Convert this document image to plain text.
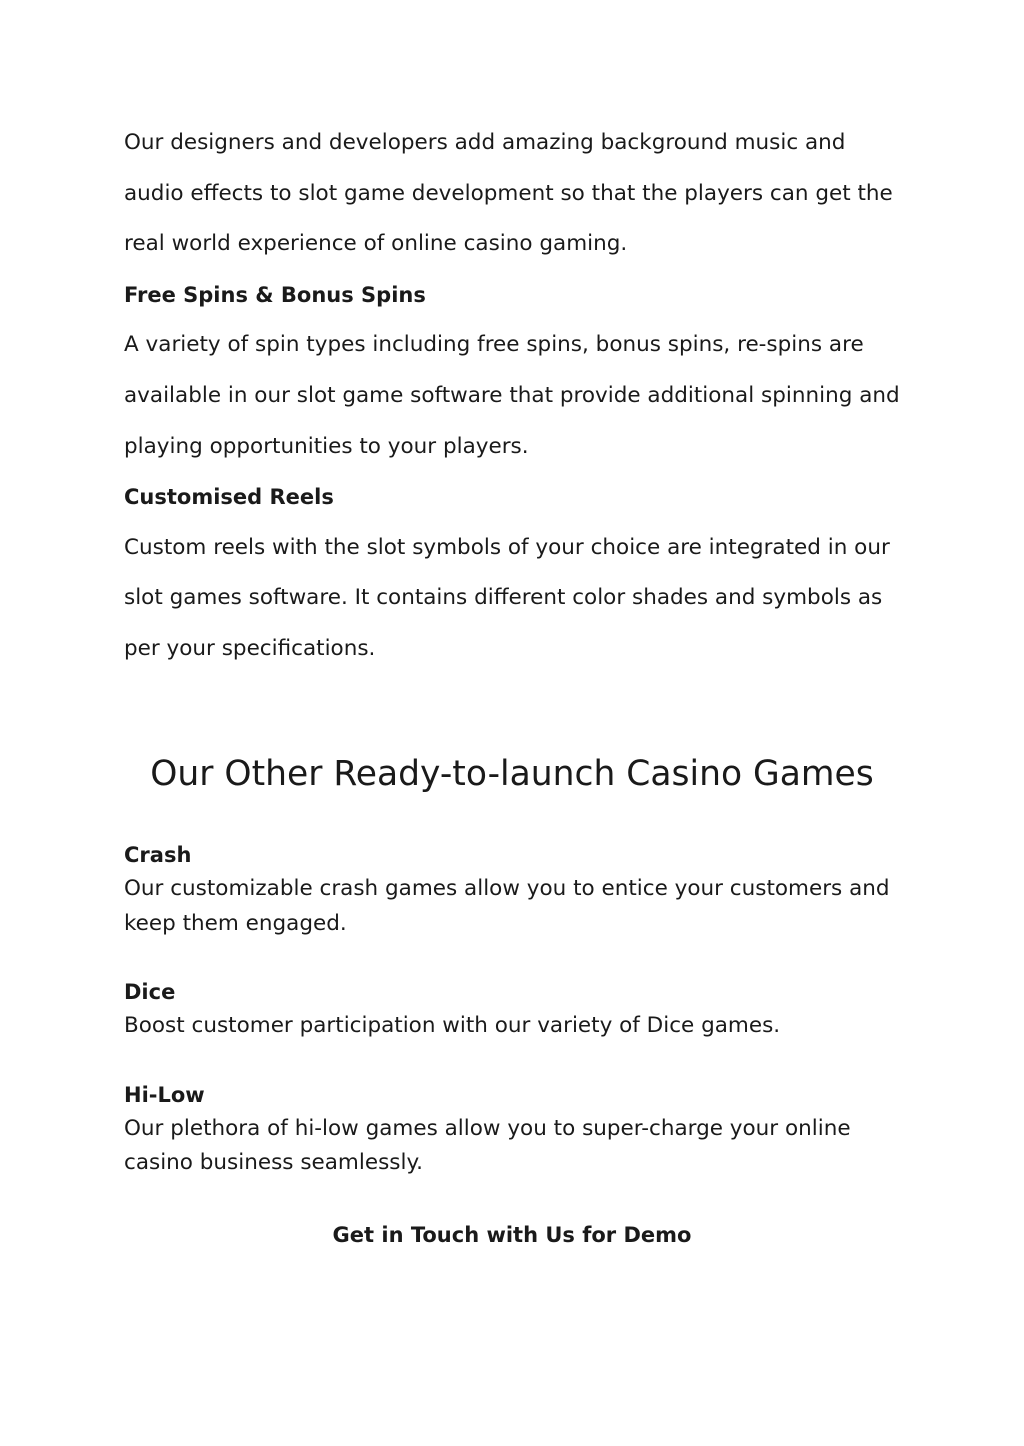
Our designers and developers add amazing background music and audio effects to slot game development so that the players can get the real world experience of online casino gaming.

Free Spins & Bonus Spins

A variety of spin types including free spins, bonus spins, re-spins are available in our slot game software that provide additional spinning and playing opportunities to your players.

Customised Reels

Custom reels with the slot symbols of your choice are integrated in our slot games software. It contains different color shades and symbols as per your specifications.

Our Other Ready-to-launch Casino Games
Crash

Our customizable crash games allow you to entice your customers and keep them engaged.

Dice

Boost customer participation with our variety of Dice games.

Hi-Low

Our plethora of hi-low games allow you to super-charge your online casino business seamlessly.

Get in Touch with Us for Demo
